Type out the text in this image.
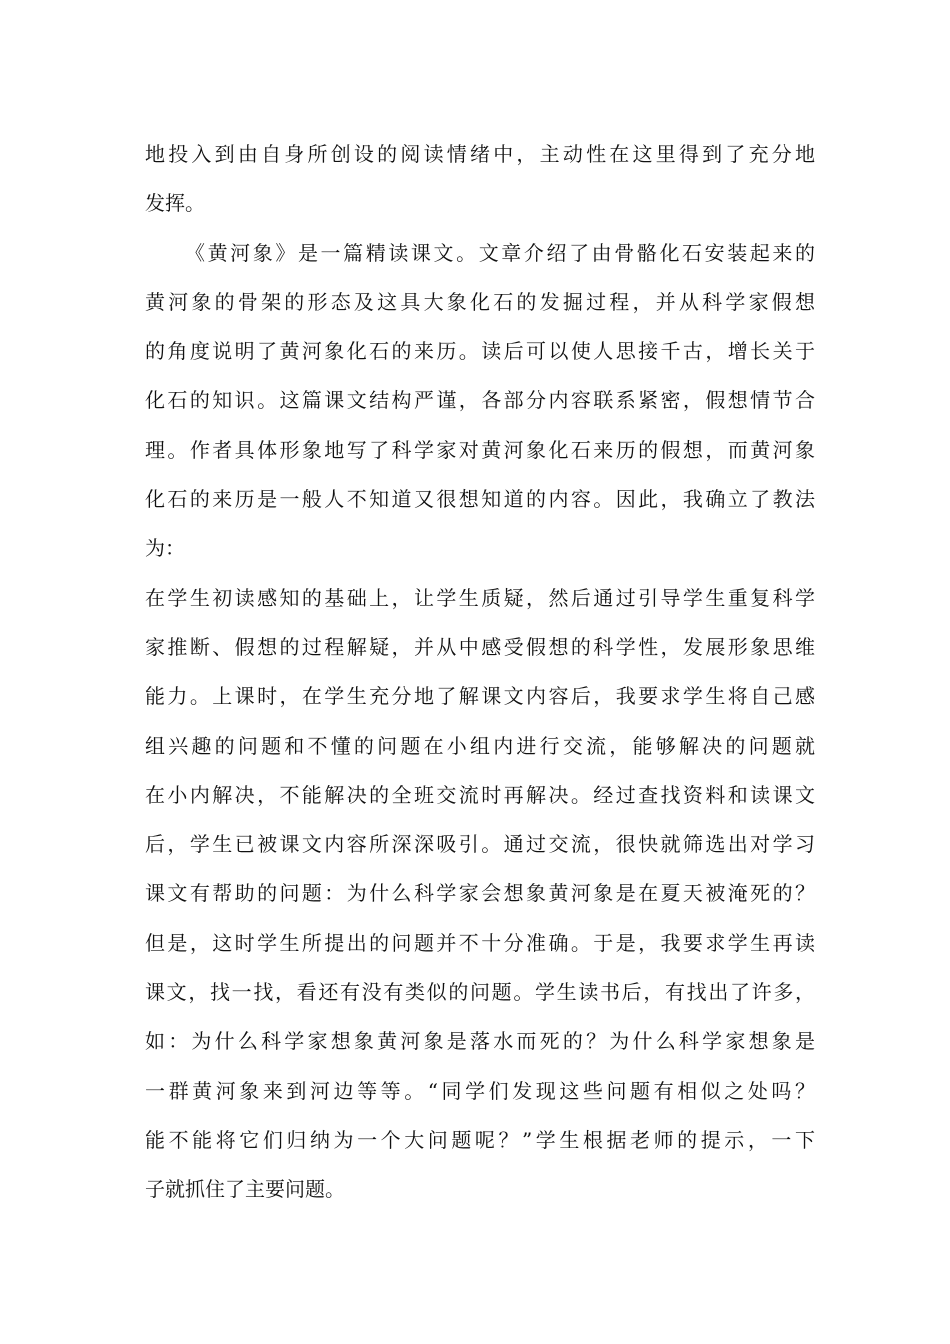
地投入到由自身所创设的阅读情绪中，主动性在这里得到了充分地
发挥。
《黄河象》是一篇精读课文。文章介绍了由骨骼化石安装起来的
黄河象的骨架的形态及这具大象化石的发掘过程，并从科学家假想
的角度说明了黄河象化石的来历。读后可以使人思接千古，增长关于
化石的知识。这篇课文结构严谨，各部分内容联系紧密，假想情节合
理。作者具体形象地写了科学家对黄河象化石来历的假想，而黄河象
化石的来历是一般人不知道又很想知道的内容。因此，我确立了教法
为：
在学生初读感知的基础上，让学生质疑，然后通过引导学生重复科学
家推断、假想的过程解疑，并从中感受假想的科学性，发展形象思维
能力。上课时，在学生充分地了解课文内容后，我要求学生将自己感
组兴趣的问题和不懂的问题在小组内进行交流，能够解决的问题就
在小内解决，不能解决的全班交流时再解决。经过查找资料和读课文
后，学生已被课文内容所深深吸引。通过交流，很快就筛选出对学习
课文有帮助的问题：为什么科学家会想象黄河象是在夏天被淹死的？
但是，这时学生所提出的问题并不十分准确。于是，我要求学生再读
课文，找一找，看还有没有类似的问题。学生读书后，有找出了许多，
如：为什么科学家想象黄河象是落水而死的？为什么科学家想象是
一群黄河象来到河边等等。“同学们发现这些问题有相似之处吗？
能不能将它们归纳为一个大问题呢？”学生根据老师的提示，一下
子就抓住了主要问题。
